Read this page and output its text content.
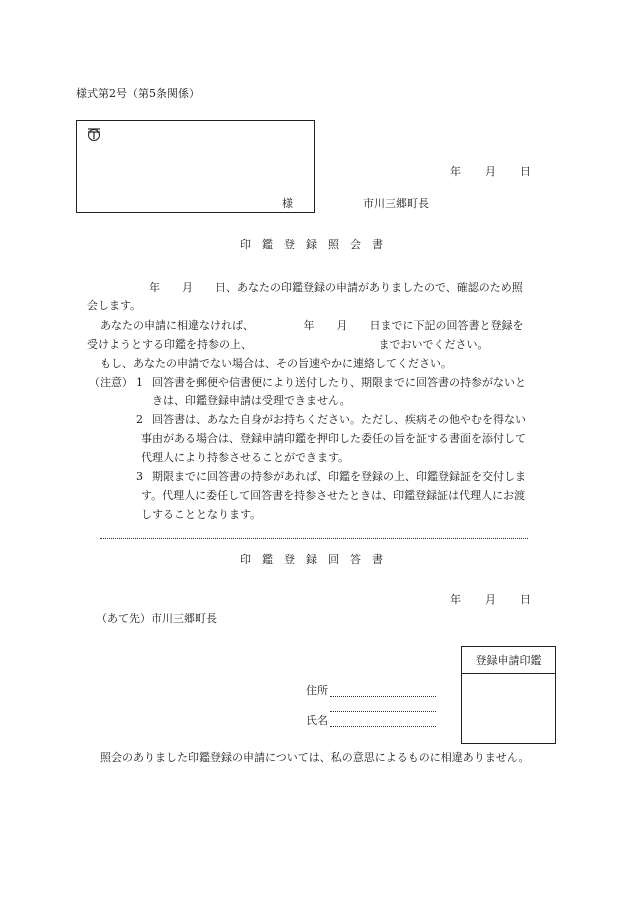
様式第2号（第5条関係）
様
年 月 日
市川三郷町長
印　鑑　登　録　照　会　書
年　　月　　日、あなたの印鑑登録の申請がありましたので、確認のため照
会します。
あなたの申請に相違なければ、　　　　　年　　月　　日までに下記の回答書と登録を
受けようとする印鑑を持参の上、　　　　　　　　　　　　までおいでください。
もし、あなたの申請でない場合は、その旨速やかに連絡してください。
（注意） 1 回答書を郵便や信書便により送付したり、期限までに回答書の持参がないと
きは、印鑑登録申請は受理できません。
2 回答書は、あなた自身がお持ちください。ただし、疾病その他やむを得ない
事由がある場合は、登録申請印鑑を押印した委任の旨を証する書面を添付して
代理人により持参させることができます。
3 期限までに回答書の持参があれば、印鑑を登録の上、印鑑登録証を交付しま
す。代理人に委任して回答書を持参させたときは、印鑑登録証は代理人にお渡
しすることとなります。
印　鑑　登　録　回　答　書
年 月 日
（あて先）市川三郷町長
登録申請印鑑
住所
氏名
照会のありました印鑑登録の申請については、私の意思によるものに相違ありません。
